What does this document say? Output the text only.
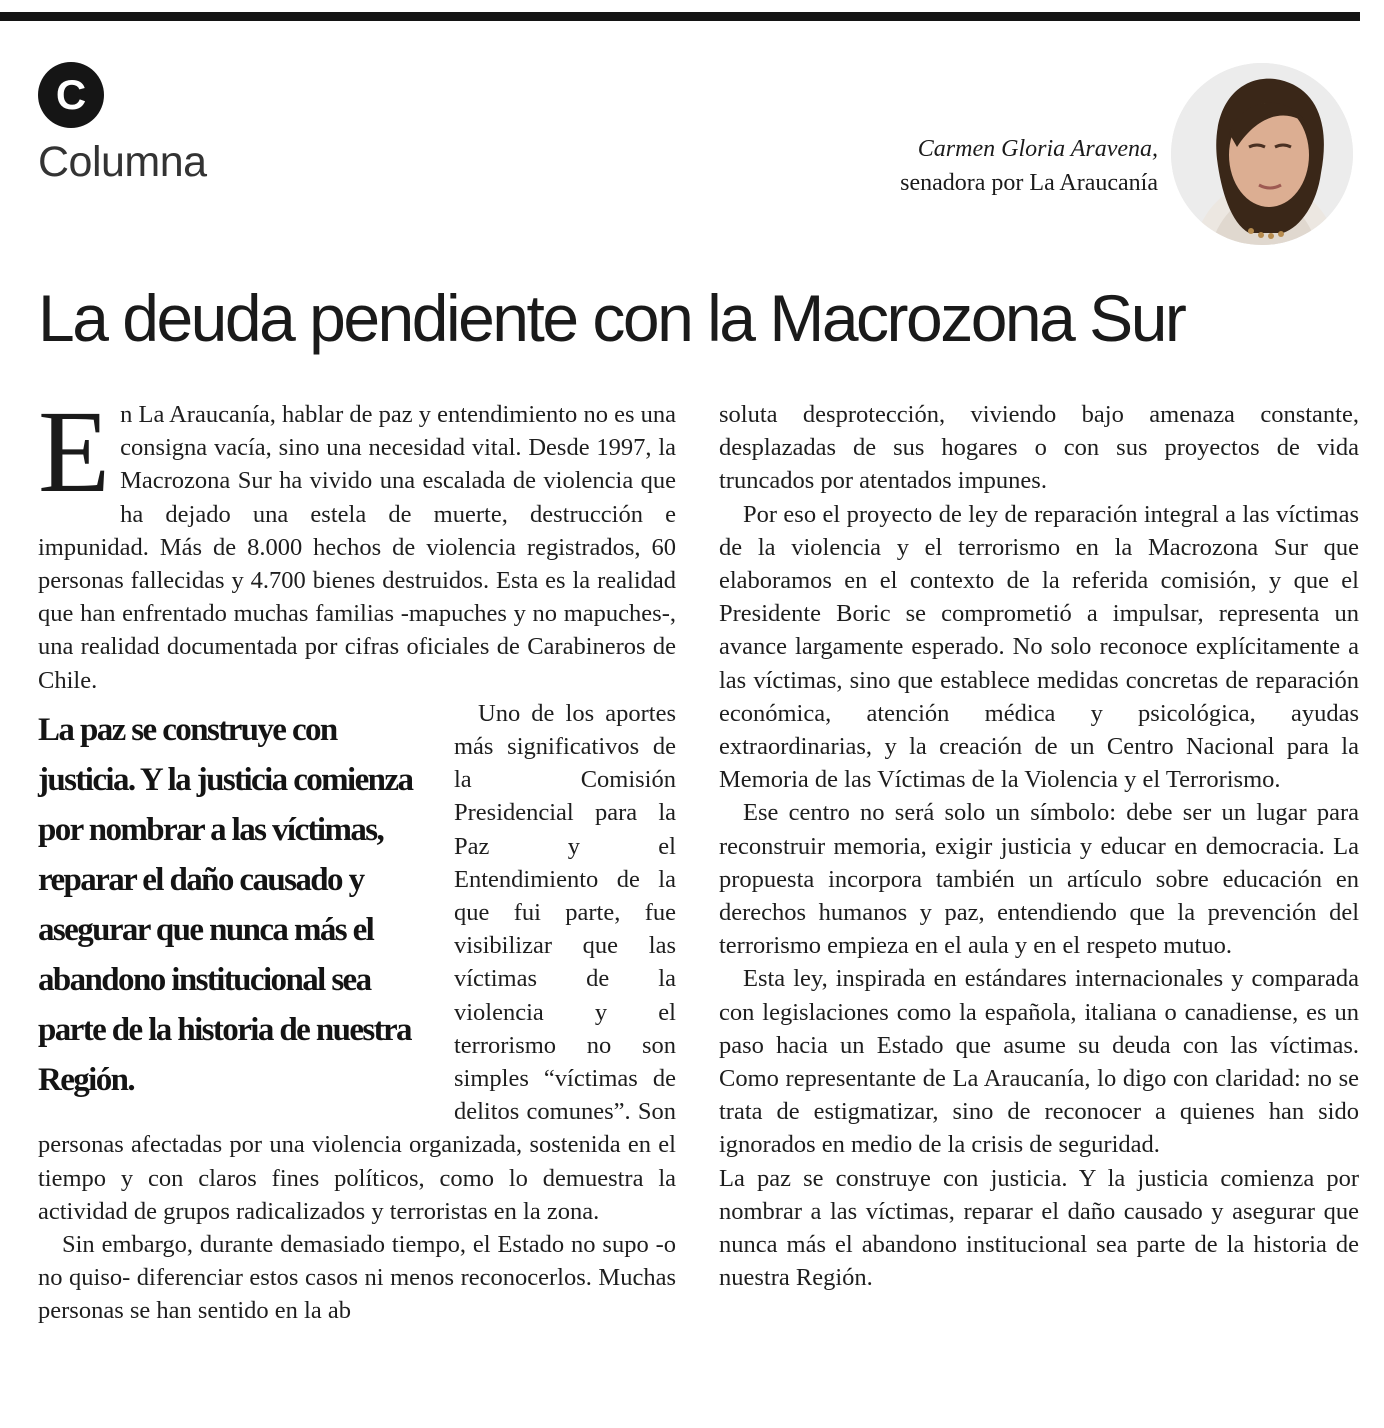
C
Columna	Carmen Gloria Aravena,
senadora por La Araucanía
La deuda pendiente con la Macrozona Sur

En La Araucanía, hablar de paz y entendimiento no es una consigna vacía, sino una necesidad vital. Desde 1997, la Macrozona Sur ha vivido una escalada de violencia que ha dejado una estela de muerte, destrucción e impunidad. Más de 8.000 hechos de violencia registrados, 60 personas fallecidas y 4.700 bienes destruidos. Esta es la realidad que han enfrentado muchas familias -mapuches y no mapuches-, una realidad documentada por cifras oficiales de Carabineros de Chile.

La paz se construye con justicia. Y la justicia comienza por nombrar a las víctimas, reparar el daño causado y asegurar que nunca más el abandono institucional sea parte de la historia de nuestra Región.

Uno de los aportes más significativos de la Comisión Presidencial para la Paz y el Entendimiento de la que fui parte, fue visibilizar que las víctimas de la violencia y el terrorismo no son simples “víctimas de delitos comunes”. Son personas afectadas por una violencia organizada, sostenida en el tiempo y con claros fines políticos, como lo demuestra la actividad de grupos radicalizados y terroristas en la zona.

Sin embargo, durante demasiado tiempo, el Estado no supo -o no quiso- diferenciar estos casos ni menos reconocerlos. Muchas personas se han sentido en la ab

soluta desprotección, viviendo bajo amenaza constante, desplazadas de sus hogares o con sus proyectos de vida truncados por atentados impunes.

Por eso el proyecto de ley de reparación integral a las víctimas de la violencia y el terrorismo en la Macrozona Sur que elaboramos en el contexto de la referida comisión, y que el Presidente Boric se comprometió a impulsar, representa un avance largamente esperado. No solo reconoce explícitamente a las víctimas, sino que establece medidas concretas de reparación económica, atención médica y psicológica, ayudas extraordinarias, y la creación de un Centro Nacional para la Memoria de las Víctimas de la Violencia y el Terrorismo.

Ese centro no será solo un símbolo: debe ser un lugar para reconstruir memoria, exigir justicia y educar en democracia. La propuesta incorpora también un artículo sobre educación en derechos humanos y paz, entendiendo que la prevención del terrorismo empieza en el aula y en el respeto mutuo.

Esta ley, inspirada en estándares internacionales y comparada con legislaciones como la española, italiana o canadiense, es un paso hacia un Estado que asume su deuda con las víctimas. Como representante de La Araucanía, lo digo con claridad: no se trata de estigmatizar, sino de reconocer a quienes han sido ignorados en medio de la crisis de seguridad.

La paz se construye con justicia. Y la justicia comienza por nombrar a las víctimas, reparar el daño causado y asegurar que nunca más el abandono institucional sea parte de la historia de nuestra Región.
